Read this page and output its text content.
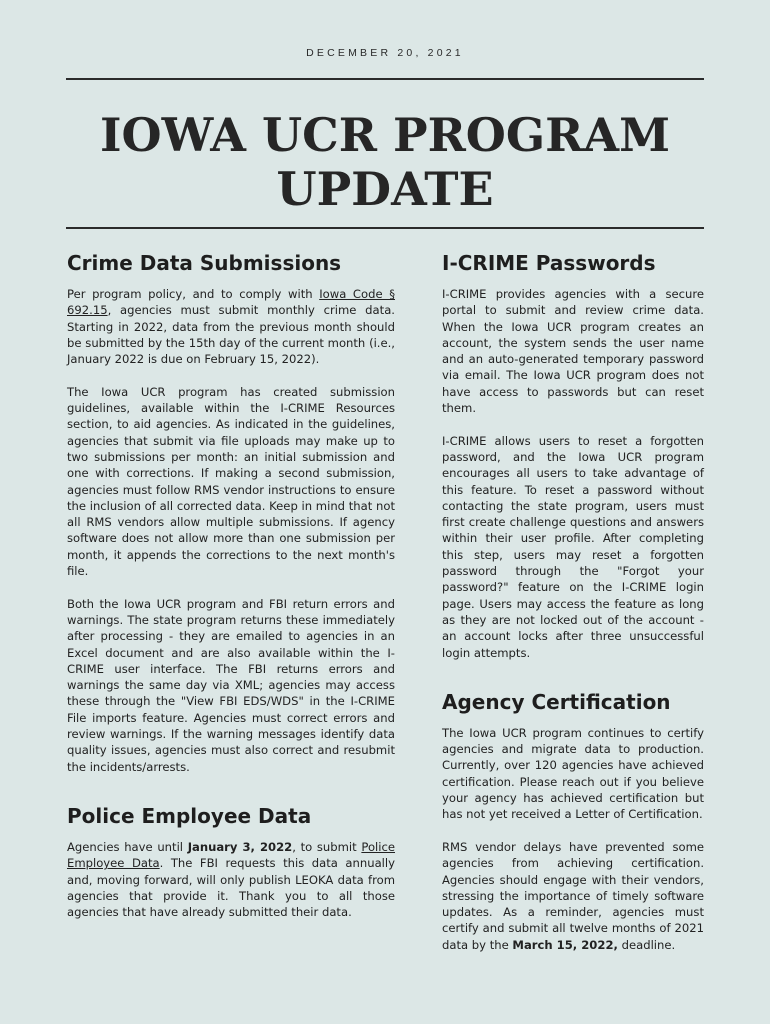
DECEMBER 20, 2021
IOWA UCR PROGRAM
UPDATE
Crime Data Submissions

Per program policy, and to comply with Iowa Code § 692.15, agencies must submit monthly crime data. Starting in 2022, data from the previous month should be submitted by the 15th day of the current month (i.e., January 2022 is due on February 15, 2022).

The Iowa UCR program has created submission guidelines, available within the I-CRIME Resources section, to aid agencies. As indicated in the guidelines, agencies that submit via file uploads may make up to two submissions per month: an initial submission and one with corrections. If making a second submission, agencies must follow RMS vendor instructions to ensure the inclusion of all corrected data. Keep in mind that not all RMS vendors allow multiple submissions. If agency software does not allow more than one submission per month, it appends the corrections to the next month's file.

Both the Iowa UCR program and FBI return errors and warnings. The state program returns these immediately after processing - they are emailed to agencies in an Excel document and are also available within the I-CRIME user interface. The FBI returns errors and warnings the same day via XML; agencies may access these through the "View FBI EDS/WDS" in the I-CRIME File imports feature. Agencies must correct errors and review warnings. If the warning messages identify data quality issues, agencies must also correct and resubmit the incidents/arrests.

Police Employee Data

Agencies have until January 3, 2022, to submit Police Employee Data. The FBI requests this data annually and, moving forward, will only publish LEOKA data from agencies that provide it. Thank you to all those agencies that have already submitted their data.

I-CRIME Passwords

I-CRIME provides agencies with a secure portal to submit and review crime data. When the Iowa UCR program creates an account, the system sends the user name and an auto-generated temporary password via email. The Iowa UCR program does not have access to passwords but can reset them.

I-CRIME allows users to reset a forgotten password, and the Iowa UCR program encourages all users to take advantage of this feature. To reset a password without contacting the state program, users must first create challenge questions and answers within their user profile. After completing this step, users may reset a forgotten password through the "Forgot your password?" feature on the I-CRIME login page. Users may access the feature as long as they are not locked out of the account - an account locks after three unsuccessful login attempts.

Agency Certification

The Iowa UCR program continues to certify agencies and migrate data to production. Currently, over 120 agencies have achieved certification. Please reach out if you believe your agency has achieved certification but has not yet received a Letter of Certification.

RMS vendor delays have prevented some agencies from achieving certification. Agencies should engage with their vendors, stressing the importance of timely software updates. As a reminder, agencies must certify and submit all twelve months of 2021 data by the March 15, 2022, deadline.
